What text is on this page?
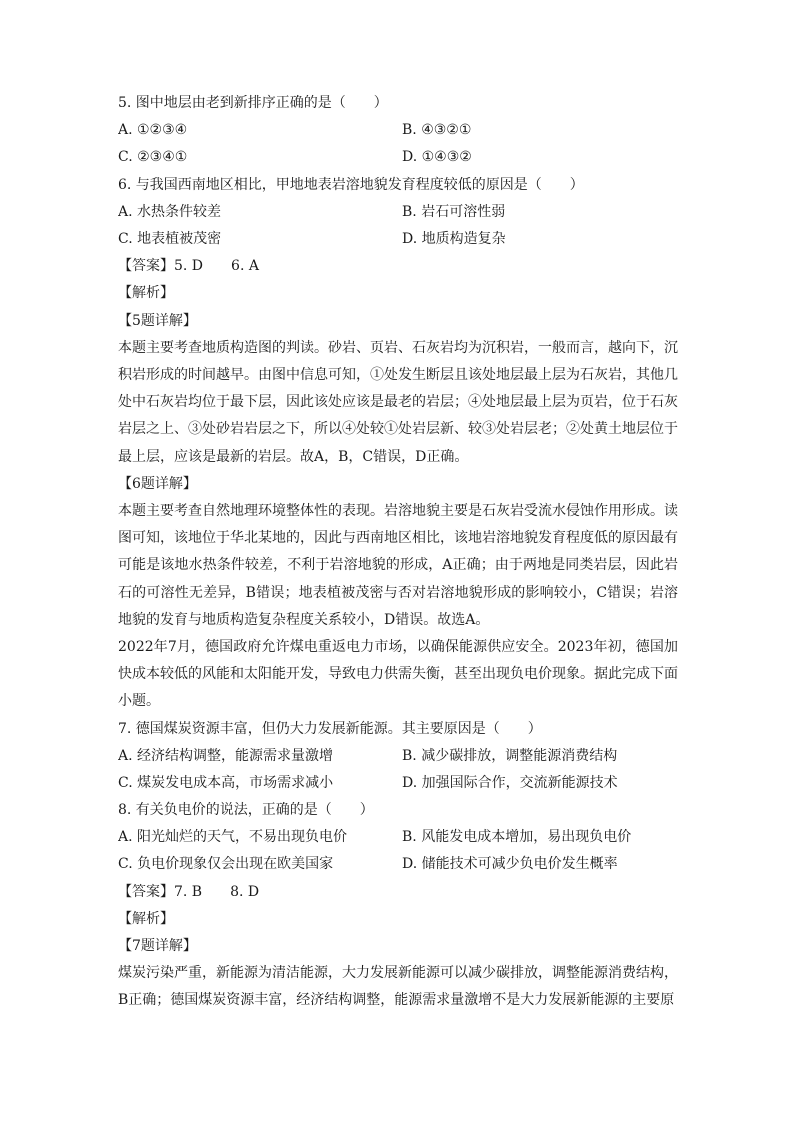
5. 图中地层由老到新排序正确的是（　　）
A. ①②③④	B. ④③②①
C. ②③④①	D. ①④③②
6. 与我国西南地区相比，甲地地表岩溶地貌发育程度较低的原因是（　　）
A. 水热条件较差	B. 岩石可溶性弱
C. 地表植被茂密	D. 地质构造复杂
【答案】5. D　　6. A
【解析】
【5题详解】
本题主要考查地质构造图的判读。砂岩、页岩、石灰岩均为沉积岩，一般而言，越向下，沉积岩形成的时间越早。由图中信息可知，①处发生断层且该处地层最上层为石灰岩，其他几处中石灰岩均位于最下层，因此该处应该是最老的岩层；④处地层最上层为页岩，位于石灰岩层之上、③处砂岩岩层之下，所以④处较①处岩层新、较③处岩层老；②处黄土地层位于最上层，应该是最新的岩层。故A，B，C错误，D正确。
【6题详解】
本题主要考查自然地理环境整体性的表现。岩溶地貌主要是石灰岩受流水侵蚀作用形成。读图可知，该地位于华北某地的，因此与西南地区相比，该地岩溶地貌发育程度低的原因最有可能是该地水热条件较差，不利于岩溶地貌的形成，A正确；由于两地是同类岩层，因此岩石的可溶性无差异，B错误；地表植被茂密与否对岩溶地貌形成的影响较小，C错误；岩溶地貌的发育与地质构造复杂程度关系较小，D错误。故选A。
2022年7月，德国政府允许煤电重返电力市场，以确保能源供应安全。2023年初，德国加快成本较低的风能和太阳能开发，导致电力供需失衡，甚至出现负电价现象。据此完成下面小题。
7. 德国煤炭资源丰富，但仍大力发展新能源。其主要原因是（　　）
A. 经济结构调整，能源需求量激增	B. 减少碳排放，调整能源消费结构
C. 煤炭发电成本高，市场需求减小	D. 加强国际合作，交流新能源技术
8. 有关负电价的说法，正确的是（　　）
A. 阳光灿烂的天气，不易出现负电价	B. 风能发电成本增加，易出现负电价
C. 负电价现象仅会出现在欧美国家	D. 储能技术可减少负电价发生概率
【答案】7. B　　8. D
【解析】
【7题详解】
煤炭污染严重，新能源为清洁能源，大力发展新能源可以减少碳排放，调整能源消费结构，B正确；德国煤炭资源丰富，经济结构调整，能源需求量激增不是大力发展新能源的主要原
